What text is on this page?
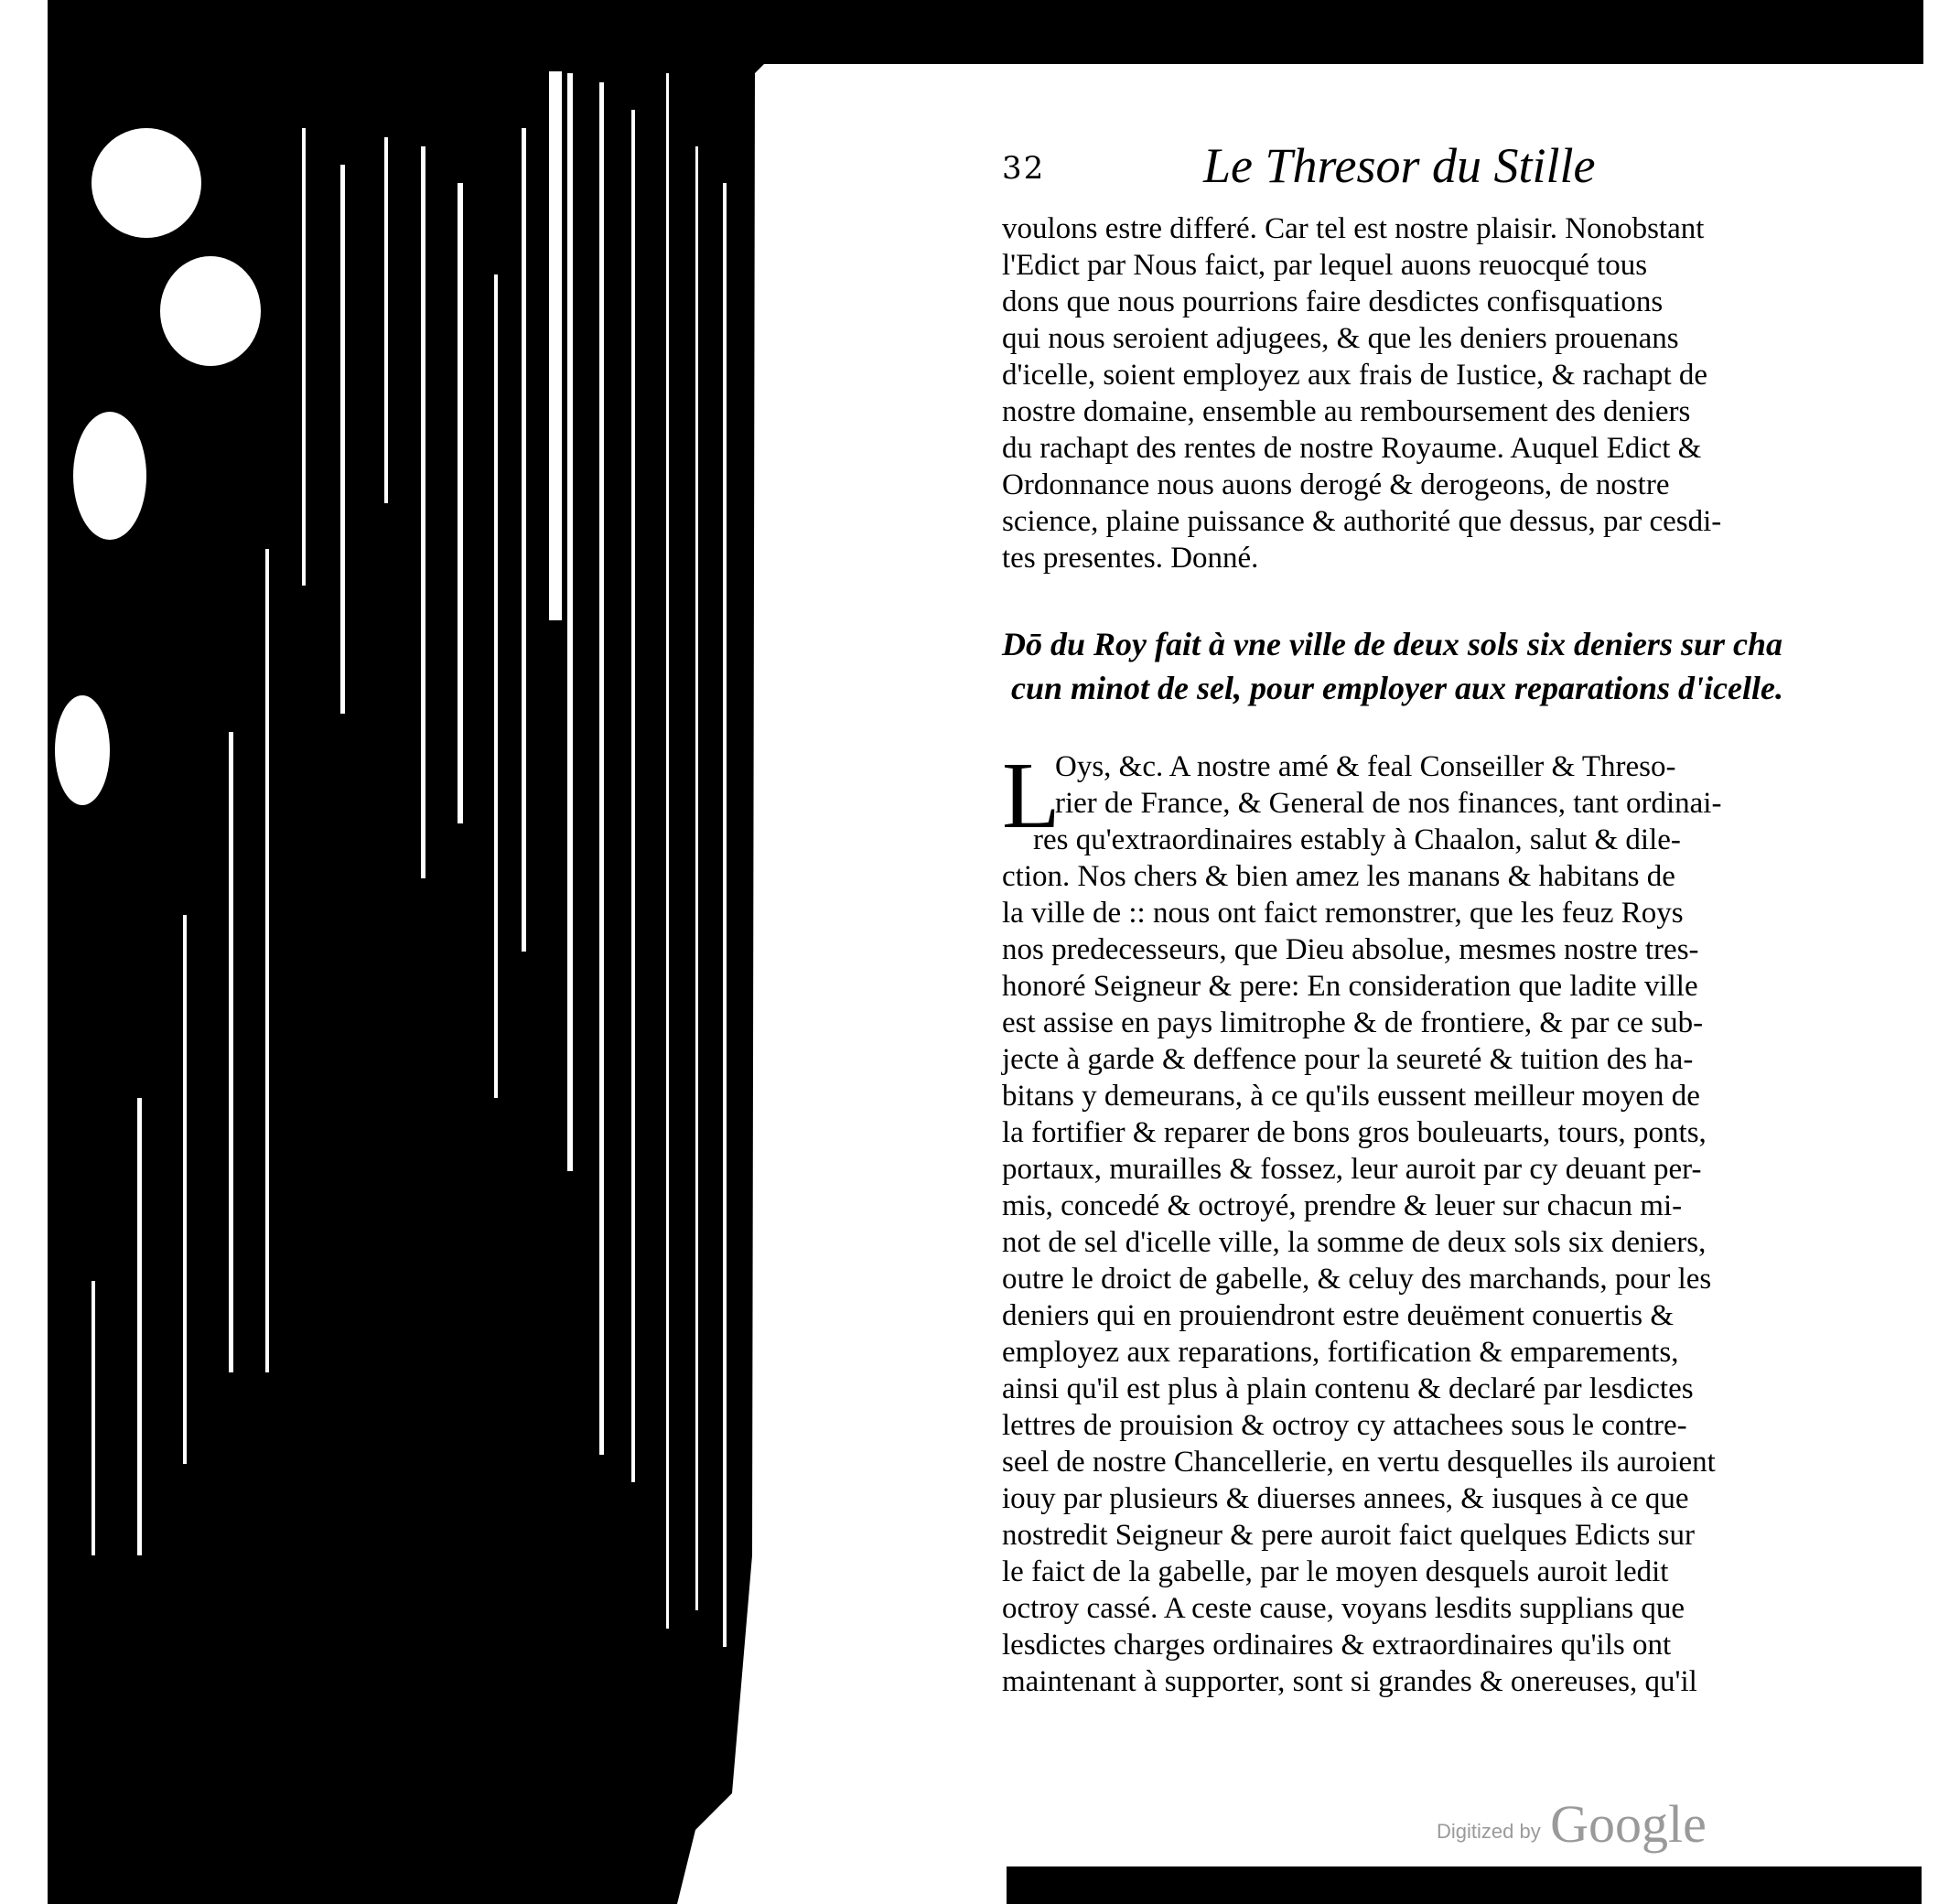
32	Le Thresor du Stille
voulons estre differé. Car tel est nostre plaisir. Nonobstant
l'Edict par Nous faict, par lequel auons reuocqué tous
dons que nous pourrions faire desdictes confisquations
qui nous seroient adjugees, & que les deniers prouenans
d'icelle, soient employez aux frais de Iustice, & rachapt de
nostre domaine, ensemble au remboursement des deniers
du rachapt des rentes de nostre Royaume. Auquel Edict &
Ordonnance nous auons derogé & derogeons, de nostre
science, plaine puissance & authorité que dessus, par cesdi-
tes presentes. Donné.
Dō du Roy fait à vne ville de deux sols six deniers sur cha
cun minot de sel, pour employer aux reparations d'icelle.
L
Oys, &c. A nostre amé & feal Conseiller & Threso-
rier de France, & General de nos finances, tant ordinai-
res qu'extraordinaires estably à Chaalon, salut & dile-
ction. Nos chers & bien amez les manans & habitans de
la ville de :: nous ont faict remonstrer, que les feuz Roys
nos predecesseurs, que Dieu absolue, mesmes nostre tres-
honoré Seigneur & pere: En consideration que ladite ville
est assise en pays limitrophe & de frontiere, & par ce sub-
jecte à garde & deffence pour la seureté & tuition des ha-
bitans y demeurans, à ce qu'ils eussent meilleur moyen de
la fortifier & reparer de bons gros bouleuarts, tours, ponts,
portaux, murailles & fossez, leur auroit par cy deuant per-
mis, concedé & octroyé, prendre & leuer sur chacun mi-
not de sel d'icelle ville, la somme de deux sols six deniers,
outre le droict de gabelle, & celuy des marchands, pour les
deniers qui en prouiendront estre deuëment conuertis &
employez aux reparations, fortification & emparements,
ainsi qu'il est plus à plain contenu & declaré par lesdictes
lettres de prouision & octroy cy attachees sous le contre-
seel de nostre Chancellerie, en vertu desquelles ils auroient
iouy par plusieurs & diuerses annees, & iusques à ce que
nostredit Seigneur & pere auroit faict quelques Edicts sur
le faict de la gabelle, par le moyen desquels auroit ledit
octroy cassé. A ceste cause, voyans lesdits supplians que
lesdictes charges ordinaires & extraordinaires qu'ils ont
maintenant à supporter, sont si grandes & onereuses, qu'il
Digitized by Google
